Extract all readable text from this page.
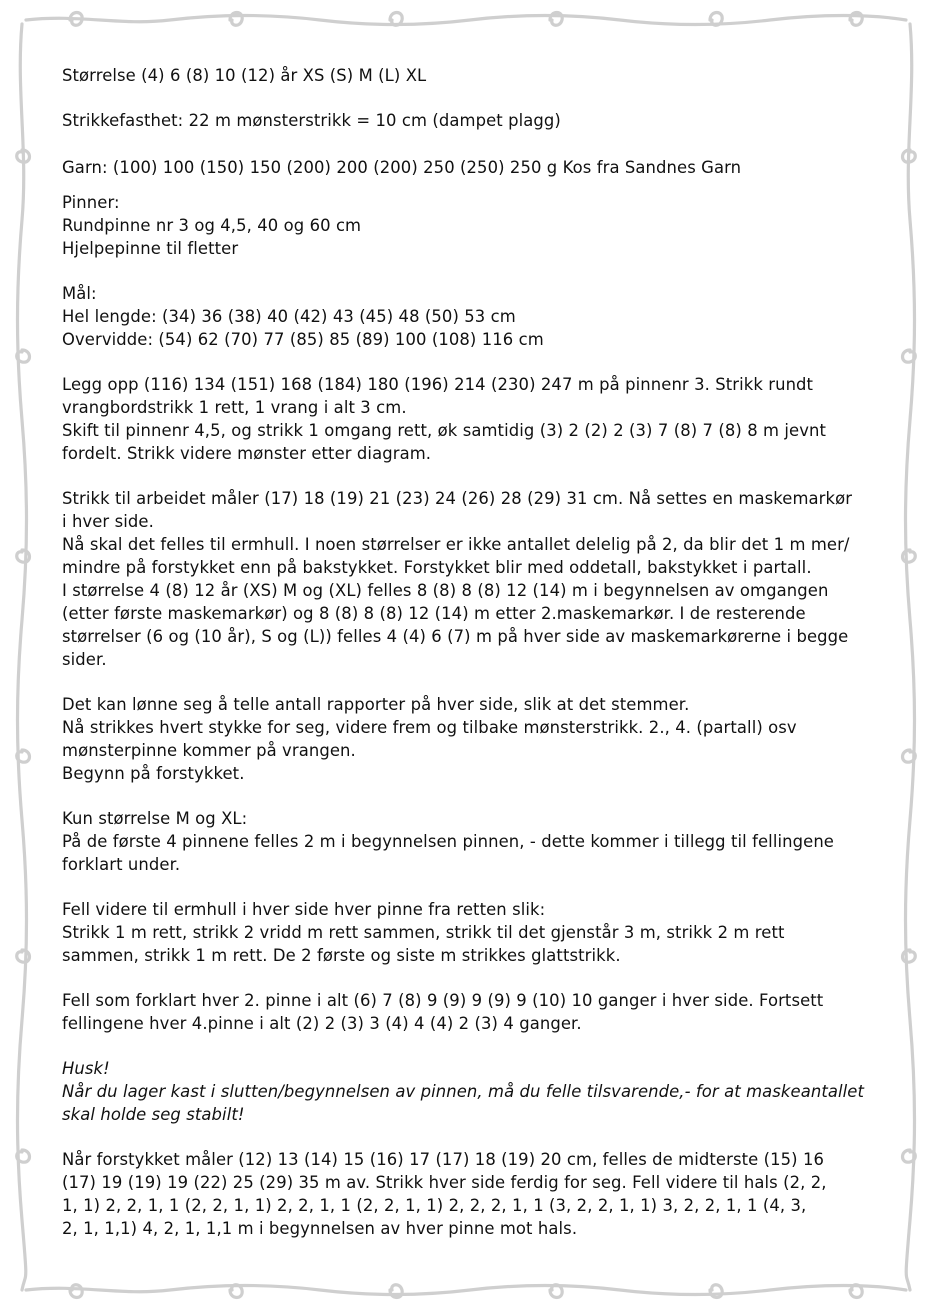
Størrelse (4) 6 (8) 10 (12) år XS (S) M (L) XL

Strikkefasthet: 22 m mønsterstrikk = 10 cm (dampet plagg)

Garn: (100) 100 (150) 150 (200) 200 (200) 250 (250) 250 g Kos fra Sandnes Garn

Pinner:

Rundpinne nr 3 og 4,5, 40 og 60 cm

Hjelpepinne til fletter

Mål:

Hel lengde: (34) 36 (38) 40 (42) 43 (45) 48 (50) 53 cm

Overvidde: (54) 62 (70) 77 (85) 85 (89) 100 (108) 116 cm

Legg opp (116) 134 (151) 168 (184) 180 (196) 214 (230) 247 m på pinnenr 3. Strikk rundt

vrangbordstrikk 1 rett, 1 vrang i alt 3 cm.

Skift til pinnenr 4,5, og strikk 1 omgang rett, øk samtidig (3) 2 (2) 2 (3) 7 (8) 7 (8) 8 m jevnt

fordelt. Strikk videre mønster etter diagram.

Strikk til arbeidet måler (17) 18 (19) 21 (23) 24 (26) 28 (29) 31 cm. Nå settes en maskemarkør

i hver side.

Nå skal det felles til ermhull. I noen størrelser er ikke antallet delelig på 2, da blir det 1 m mer/

mindre på forstykket enn på bakstykket. Forstykket blir med oddetall, bakstykket i partall.

I størrelse 4 (8) 12 år (XS) M og (XL) felles 8 (8) 8 (8) 12 (14) m i begynnelsen av omgangen

(etter første maskemarkør) og 8 (8) 8 (8) 12 (14) m etter 2.maskemarkør. I de resterende

størrelser (6 og (10 år), S og (L)) felles 4 (4) 6 (7) m på hver side av maskemarkørerne i begge

sider.

Det kan lønne seg å telle antall rapporter på hver side, slik at det stemmer.

Nå strikkes hvert stykke for seg, videre frem og tilbake mønsterstrikk. 2., 4. (partall) osv

mønsterpinne kommer på vrangen.

Begynn på forstykket.

Kun størrelse M og XL:

På de første 4 pinnene felles 2 m i begynnelsen pinnen, - dette kommer i tillegg til fellingene

forklart under.

Fell videre til ermhull i hver side hver pinne fra retten slik:

Strikk 1 m rett, strikk 2 vridd m rett sammen, strikk til det gjenstår 3 m, strikk 2 m rett

sammen, strikk 1 m rett. De 2 første og siste m strikkes glattstrikk.

Fell som forklart hver 2. pinne i alt (6) 7 (8) 9 (9) 9 (9) 9 (10) 10 ganger i hver side. Fortsett

fellingene hver 4.pinne i alt (2) 2 (3) 3 (4) 4 (4) 2 (3) 4 ganger.

Husk!

Når du lager kast i slutten/begynnelsen av pinnen, må du felle tilsvarende,- for at maskeantallet

skal holde seg stabilt!

Når forstykket måler (12) 13 (14) 15 (16) 17 (17) 18 (19) 20 cm, felles de midterste (15) 16

(17) 19 (19) 19 (22) 25 (29) 35 m av. Strikk hver side ferdig for seg. Fell videre til hals (2, 2,

1, 1) 2, 2, 1, 1 (2, 2, 1, 1) 2, 2, 1, 1 (2, 2, 1, 1) 2, 2, 2, 1, 1 (3, 2, 2, 1, 1) 3, 2, 2, 1, 1 (4, 3,

2, 1, 1,1) 4, 2, 1, 1,1 m i begynnelsen av hver pinne mot hals.
